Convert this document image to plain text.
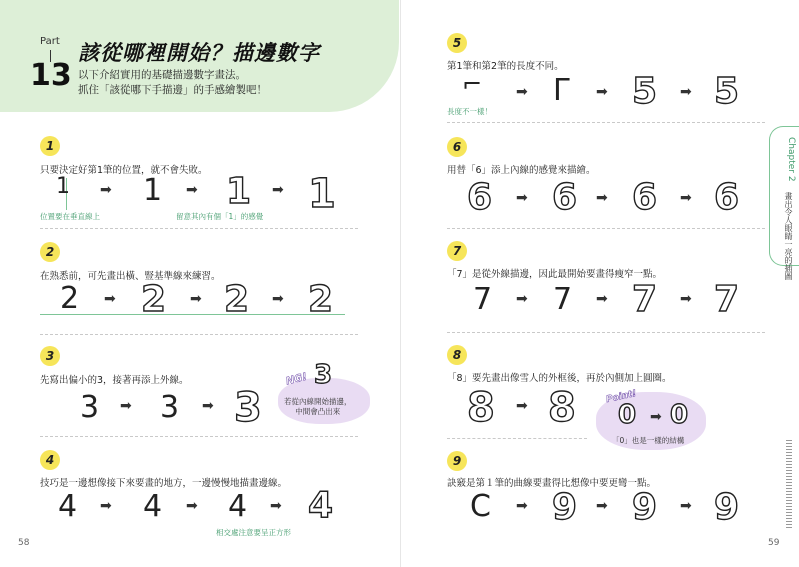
Part
13
該從哪裡開始？描邊數字
以下介紹實用的基礎描邊數字畫法。
抓住「該從哪下手描邊」的手感繪製吧！
1
只要決定好第1筆的位置，就不會失敗。
1 ➡ 1 ➡ 1 ➡ 1
位置要在垂直線上	留意其內有個「1」的感覺
2
在熟悉前，可先畫出橫、豎基準線來練習。
2 ➡ 2 ➡ 2 ➡ 2
3
先寫出偏小的3，接著再添上外線。
3 ➡ 3 ➡ 3
NG! 3
若從內線開始描邊，
中間會凸出來
4
技巧是一邊想像接下來要畫的地方，一邊慢慢地描畫邊線。
4 ➡ 4 ➡ 4 ➡ 4
相交處注意要呈正方形
58
5
第1筆和第2筆的長度不同。
⌐ ➡ Γ ➡ 5 ➡ 5
長度不一樣！
6
用替「6」添上內線的感覺來描繪。
6 ➡ 6 ➡ 6 ➡ 6
7
「7」是從外線描邊，因此最開始要畫得瘦窄一點。
7 ➡ 7 ➡ 7 ➡ 7
8
「8」要先畫出像雪人的外框後，再於內側加上圓圈。
8 ➡ 8	Point!
0 ➡ 0
「0」也是一樣的結構
9
訣竅是第１筆的曲線要畫得比想像中要更彎一點。
C ➡ 9 ➡ 9 ➡ 9
Chapter 2
畫出令人眼睛一亮的插圖
59
